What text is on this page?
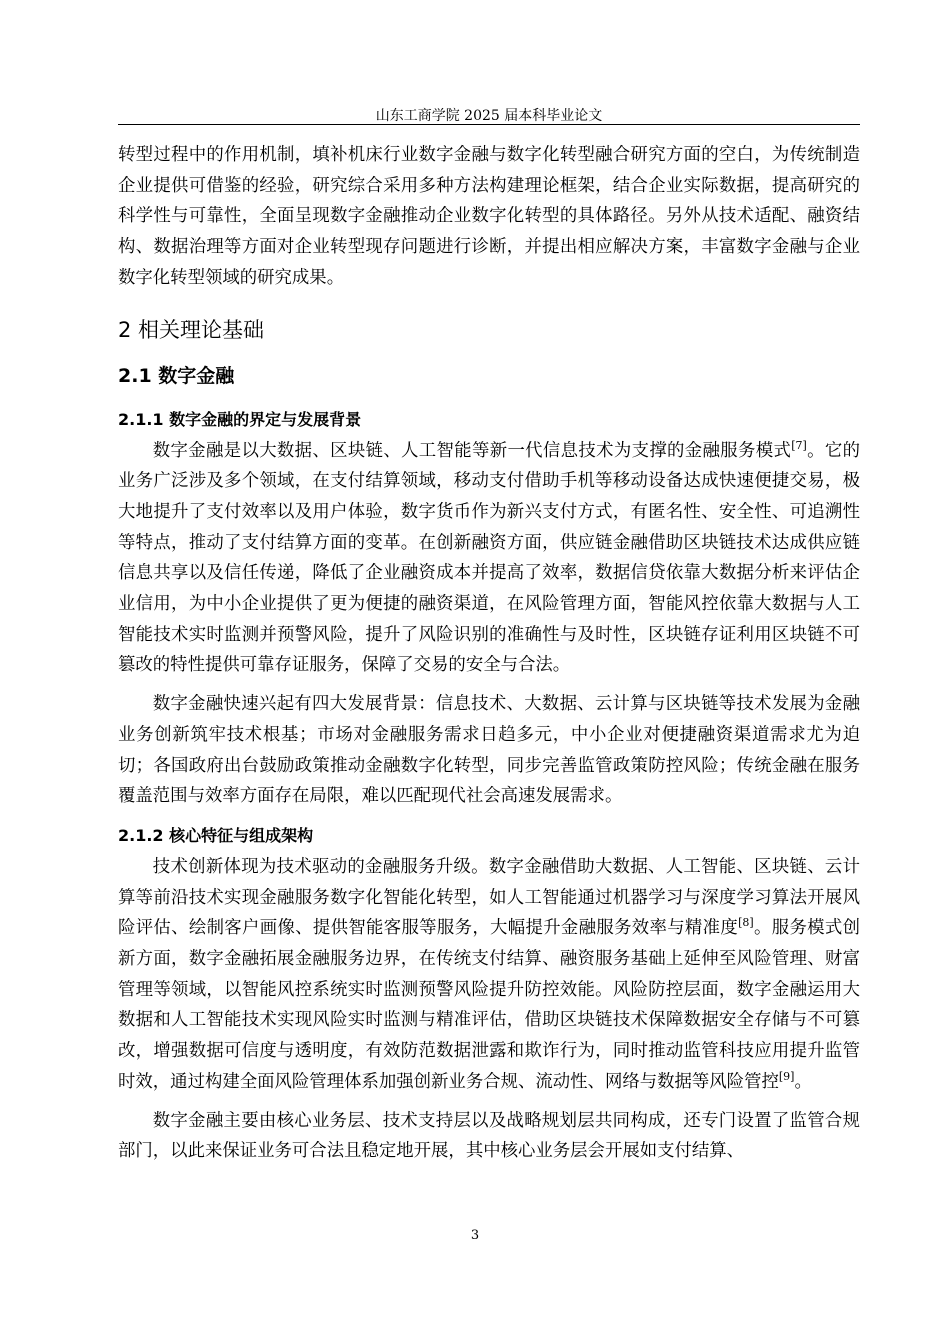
山东工商学院 2025 届本科毕业论文

转型过程中的作用机制，填补机床行业数字金融与数字化转型融合研究方面的空白，为传统制造企业提供可借鉴的经验，研究综合采用多种方法构建理论框架，结合企业实际数据，提高研究的科学性与可靠性，全面呈现数字金融推动企业数字化转型的具体路径。另外从技术适配、融资结构、数据治理等方面对企业转型现存问题进行诊断，并提出相应解决方案，丰富数字金融与企业数字化转型领域的研究成果。

2 相关理论基础
2.1 数字金融
2.1.1 数字金融的界定与发展背景

数字金融是以大数据、区块链、人工智能等新一代信息技术为支撑的金融服务模式[7]。它的业务广泛涉及多个领域，在支付结算领域，移动支付借助手机等移动设备达成快速便捷交易，极大地提升了支付效率以及用户体验，数字货币作为新兴支付方式，有匿名性、安全性、可追溯性等特点，推动了支付结算方面的变革。在创新融资方面，供应链金融借助区块链技术达成供应链信息共享以及信任传递，降低了企业融资成本并提高了效率，数据信贷依靠大数据分析来评估企业信用，为中小企业提供了更为便捷的融资渠道，在风险管理方面，智能风控依靠大数据与人工智能技术实时监测并预警风险，提升了风险识别的准确性与及时性，区块链存证利用区块链不可篡改的特性提供可靠存证服务，保障了交易的安全与合法。

数字金融快速兴起有四大发展背景：信息技术、大数据、云计算与区块链等技术发展为金融业务创新筑牢技术根基；市场对金融服务需求日趋多元，中小企业对便捷融资渠道需求尤为迫切；各国政府出台鼓励政策推动金融数字化转型，同步完善监管政策防控风险；传统金融在服务覆盖范围与效率方面存在局限，难以匹配现代社会高速发展需求。

2.1.2 核心特征与组成架构

技术创新体现为技术驱动的金融服务升级。数字金融借助大数据、人工智能、区块链、云计算等前沿技术实现金融服务数字化智能化转型，如人工智能通过机器学习与深度学习算法开展风险评估、绘制客户画像、提供智能客服等服务，大幅提升金融服务效率与精准度[8]。服务模式创新方面，数字金融拓展金融服务边界，在传统支付结算、融资服务基础上延伸至风险管理、财富管理等领域，以智能风控系统实时监测预警风险提升防控效能。风险防控层面，数字金融运用大数据和人工智能技术实现风险实时监测与精准评估，借助区块链技术保障数据安全存储与不可篡改，增强数据可信度与透明度，有效防范数据泄露和欺诈行为，同时推动监管科技应用提升监管时效，通过构建全面风险管理体系加强创新业务合规、流动性、网络与数据等风险管控[9]。

数字金融主要由核心业务层、技术支持层以及战略规划层共同构成，还专门设置了监管合规部门，以此来保证业务可合法且稳定地开展，其中核心业务层会开展如支付结算、

3
